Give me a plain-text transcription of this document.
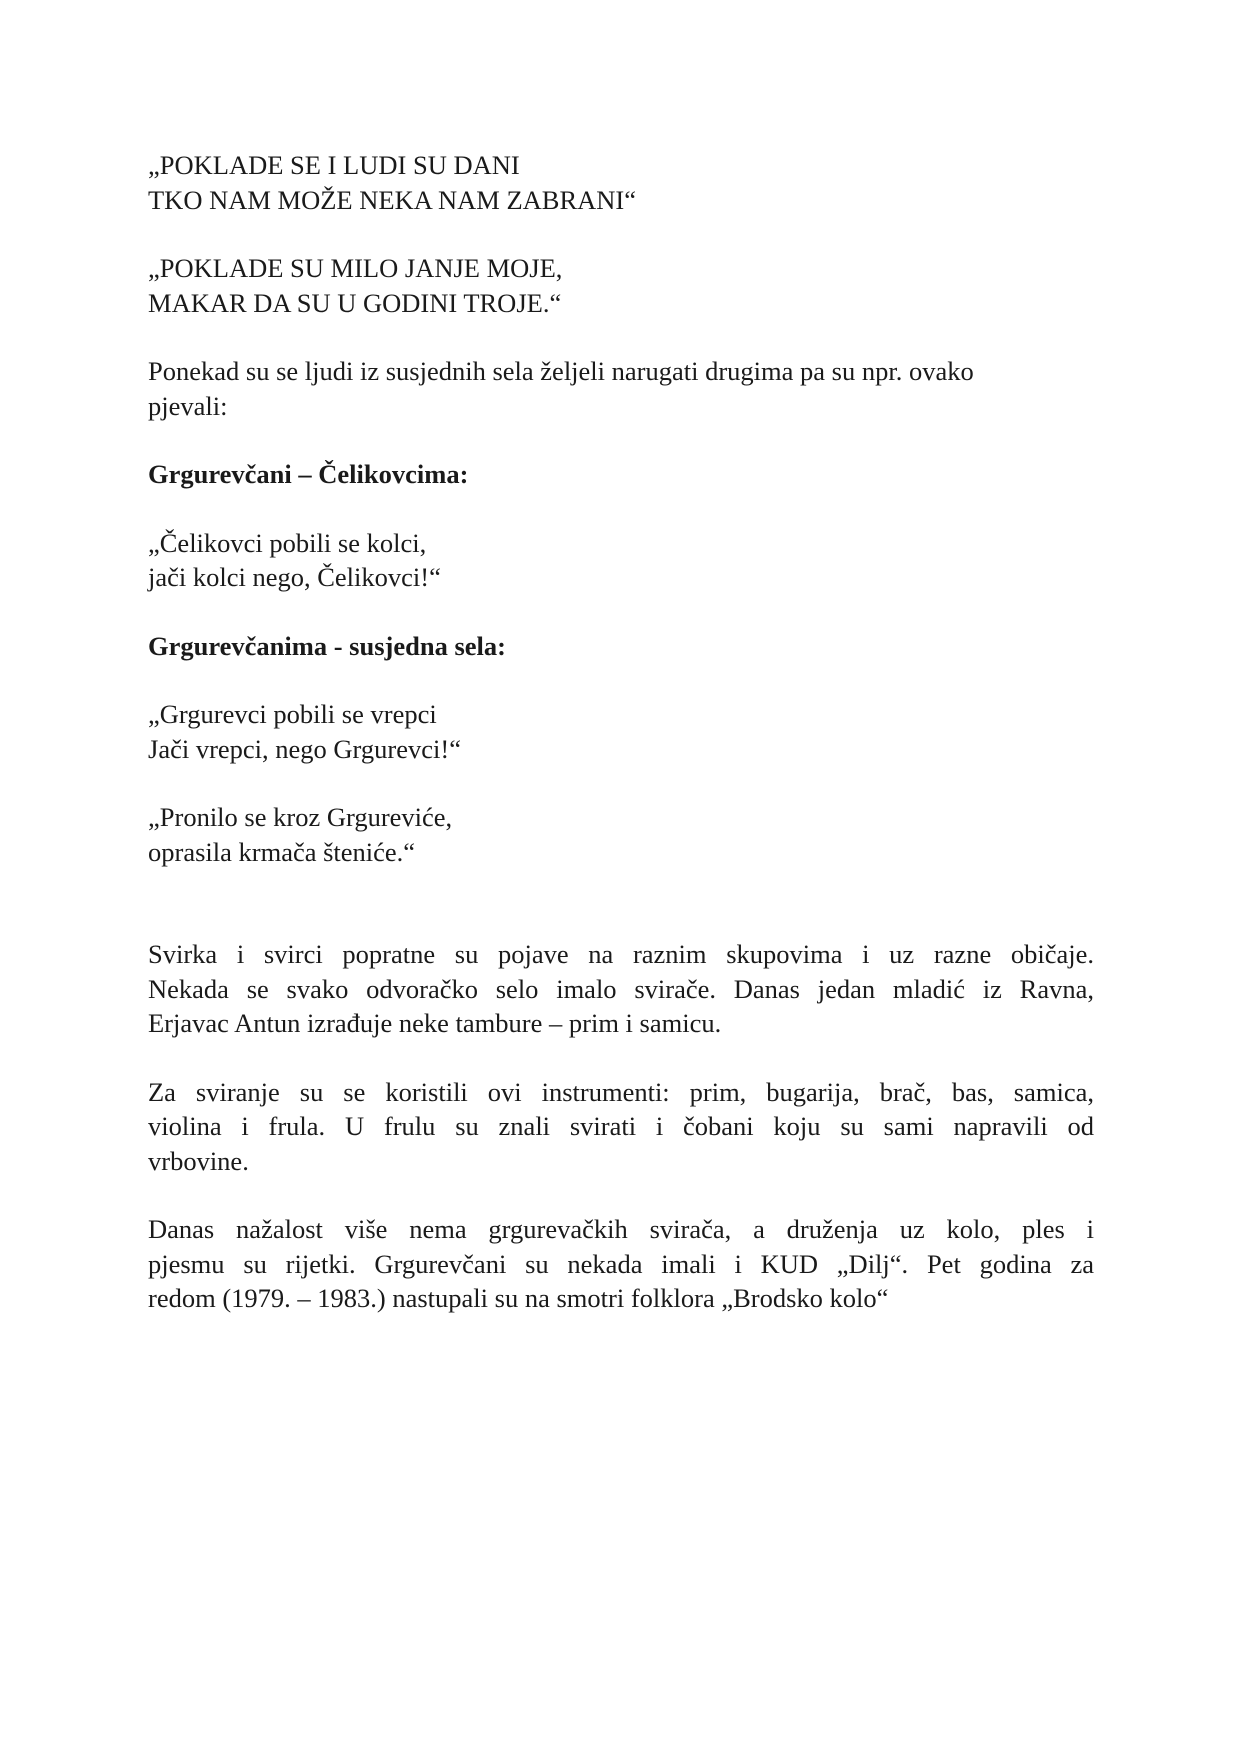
„POKLADE SE I LUDI SU DANI
TKO NAM MOŽE NEKA NAM ZABRANI“
„POKLADE SU MILO JANJE MOJE,
MAKAR DA SU U GODINI TROJE.“
Ponekad su se ljudi iz susjednih sela željeli narugati drugima pa su npr. ovako
pjevali:
Grgurevčani – Čelikovcima:
„Čelikovci pobili se kolci,
jači kolci nego, Čelikovci!“
Grgurevčanima - susjedna sela:
„Grgurevci pobili se vrepci
Jači vrepci, nego Grgurevci!“
„Pronilo se kroz Grgureviće,
oprasila krmača šteniće.“
Svirka i svirci popratne su pojave na raznim skupovima i uz razne običaje.
Nekada se svako odvoračko selo imalo svirače. Danas jedan mladić iz Ravna,
Erjavac Antun izrađuje neke tambure – prim i samicu.
Za sviranje su se koristili ovi instrumenti: prim, bugarija, brač, bas, samica,
violina i frula. U frulu su znali svirati i čobani koju su sami napravili od
vrbovine.
Danas nažalost više nema grgurevačkih svirača, a druženja uz kolo, ples i
pjesmu su rijetki. Grgurevčani su nekada imali i KUD „Dilj“. Pet godina za
redom (1979. – 1983.) nastupali su na smotri folklora „Brodsko kolo“
